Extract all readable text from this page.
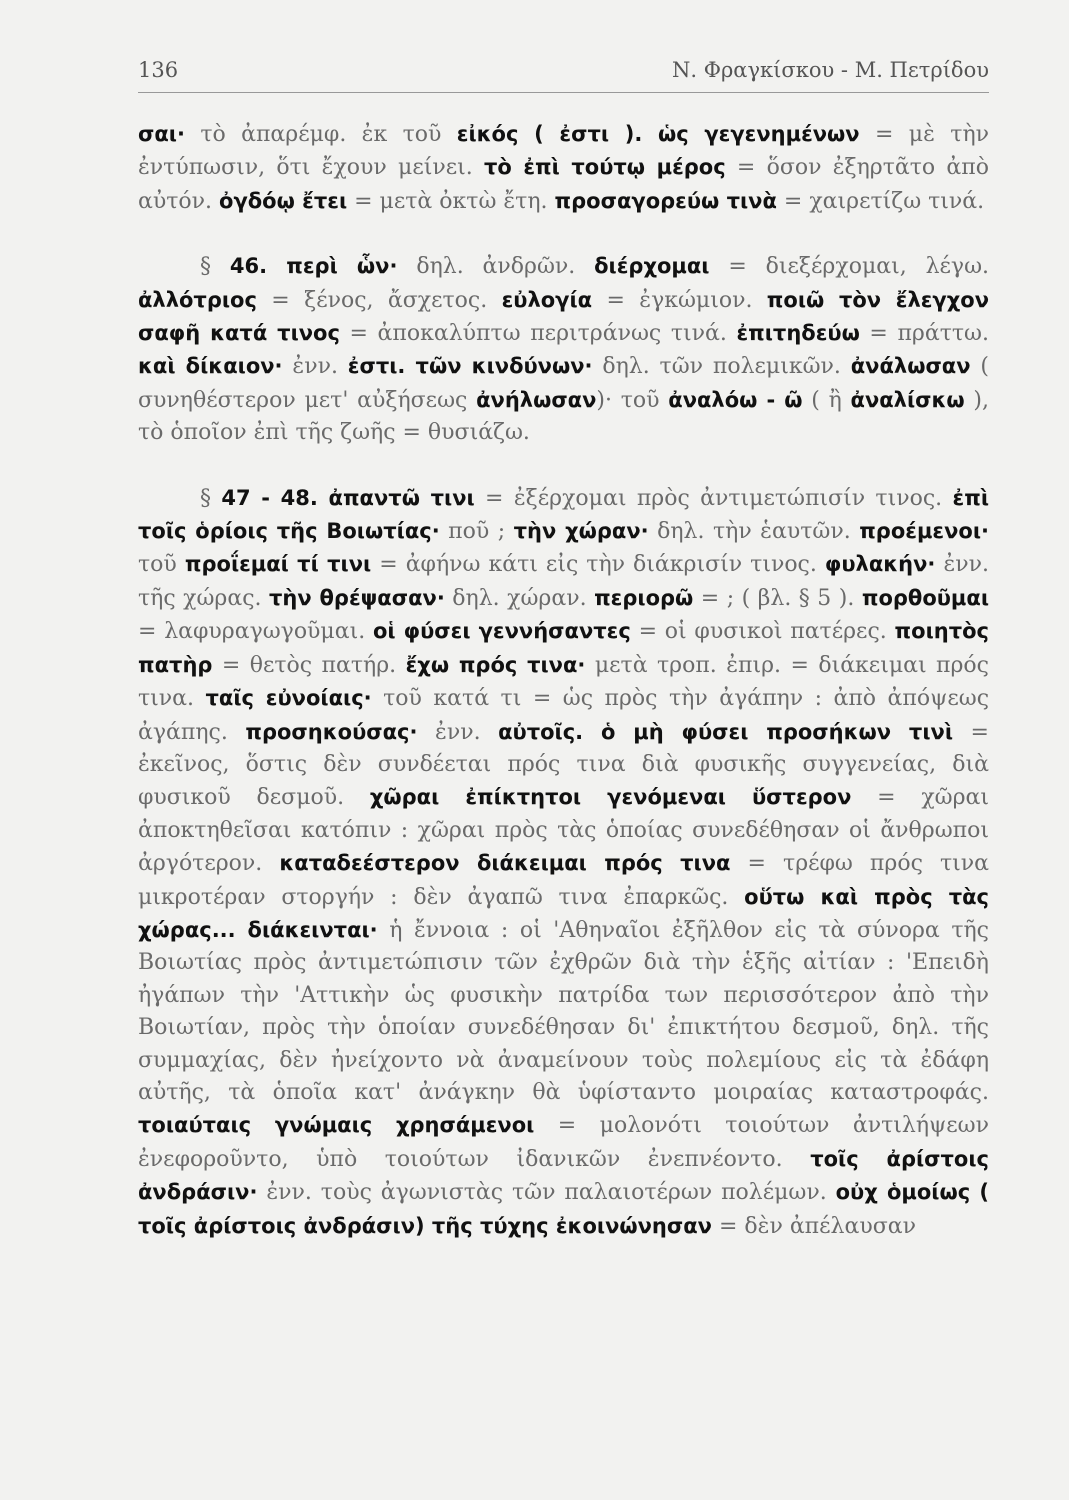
136	Ν. Φραγκίσκου - Μ. Πετρίδου

σαι· τὸ ἀπαρέμφ. ἐκ τοῦ εἰκός ( ἐστι ). ὡς γεγενημένων = μὲ τὴν ἐντύπωσιν, ὅτι ἔχουν μείνει. τὸ ἐπὶ τούτῳ μέρος = ὅσον ἐξηρτᾶτο ἀπὸ αὐτόν. ὀγδόῳ ἔτει = μετὰ ὀκτὼ ἔτη. προσαγορεύω τινὰ = χαιρετίζω τινά.

§ 46. περὶ ὧν· δηλ. ἀνδρῶν. διέρχομαι = διεξέρχομαι, λέγω. ἀλλότριος = ξένος, ἄσχετος. εὐλογία = ἐγκώμιον. ποιῶ τὸν ἔλεγχον σαφῆ κατά τινος = ἀποκαλύπτω περιτράνως τινά. ἐπιτηδεύω = πράττω. καὶ δίκαιον· ἐνν. ἐστι. τῶν κινδύνων· δηλ. τῶν πολεμικῶν. ἀνάλωσαν ( συνηθέστερον μετ' αὐξήσεως ἀνήλωσαν)· τοῦ ἀναλόω - ῶ ( ἢ ἀναλίσκω ), τὸ ὁποῖον ἐπὶ τῆς ζωῆς = θυσιάζω.

§ 47 - 48. ἀπαντῶ τινι = ἐξέρχομαι πρὸς ἀντιμετώπισίν τινος. ἐπὶ τοῖς ὁρίοις τῆς Βοιωτίας· ποῦ ; τὴν χώραν· δηλ. τὴν ἑαυτῶν. προέμενοι· τοῦ προΐεμαί τί τινι = ἀφήνω κάτι εἰς τὴν διάκρισίν τινος. φυλακήν· ἐνν. τῆς χώρας. τὴν θρέψασαν· δηλ. χώραν. περιορῶ = ; ( βλ. § 5 ). πορθοῦμαι = λαφυραγωγοῦμαι. οἱ φύσει γεννήσαντες = οἱ φυσικοὶ πατέρες. ποιητὸς πατὴρ = θετὸς πατήρ. ἔχω πρός τινα· μετὰ τροπ. ἐπιρ. = διάκειμαι πρός τινα. ταῖς εὐνοίαις· τοῦ κατά τι = ὡς πρὸς τὴν ἀγάπην : ἀπὸ ἀπόψεως ἀγάπης. προσηκούσας· ἐνν. αὐτοῖς. ὁ μὴ φύσει προσήκων τινὶ = ἐκεῖνος, ὅστις δὲν συνδέεται πρός τινα διὰ φυσικῆς συγγενείας, διὰ φυσικοῦ δεσμοῦ. χῶραι ἐπίκτητοι γενόμεναι ὕστερον = χῶραι ἀποκτηθεῖσαι κατόπιν : χῶραι πρὸς τὰς ὁποίας συνεδέθησαν οἱ ἄνθρωποι ἀργότερον. καταδεέστερον διάκειμαι πρός τινα = τρέφω πρός τινα μικροτέραν στοργήν : δὲν ἀγαπῶ τινα ἐπαρκῶς. οὕτω καὶ πρὸς τὰς χώρας... διάκεινται· ἡ ἔννοια : οἱ 'Αθηναῖοι ἐξῆλθον εἰς τὰ σύνορα τῆς Βοιωτίας πρὸς ἀντιμετώπισιν τῶν ἐχθρῶν διὰ τὴν ἑξῆς αἰτίαν : 'Επειδὴ ἠγάπων τὴν 'Αττικὴν ὡς φυσικὴν πατρίδα των περισσότερον ἀπὸ τὴν Βοιωτίαν, πρὸς τὴν ὁποίαν συνεδέθησαν δι' ἐπικτήτου δεσμοῦ, δηλ. τῆς συμμαχίας, δὲν ἠνείχοντο νὰ ἀναμείνουν τοὺς πολεμίους εἰς τὰ ἐδάφη αὐτῆς, τὰ ὁποῖα κατ' ἀνάγκην θὰ ὑφίσταντο μοιραίας καταστροφάς. τοιαύταις γνώμαις χρησάμενοι = μολονότι τοιούτων ἀντιλήψεων ἐνεφοροῦντο, ὑπὸ τοιούτων ἰδανικῶν ἐνεπνέοντο. τοῖς ἀρίστοις ἀνδράσιν· ἐνν. τοὺς ἀγωνιστὰς τῶν παλαιοτέρων πολέμων. οὐχ ὁμοίως ( τοῖς ἀρίστοις ἀνδράσιν) τῆς τύχης ἐκοινώνησαν = δὲν ἀπέλαυσαν
